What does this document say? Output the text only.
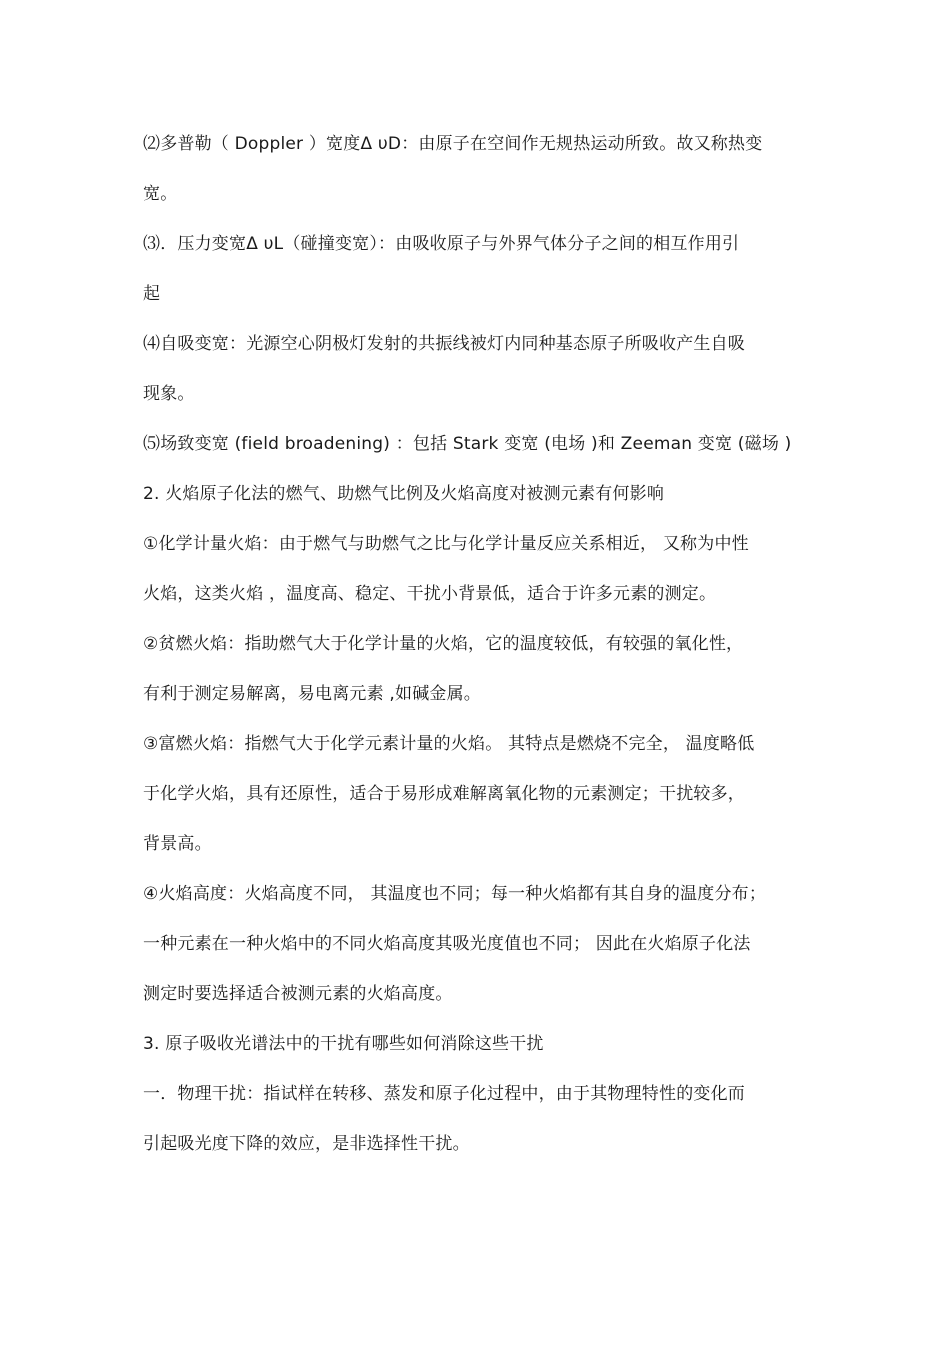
⑵多普勒（ Doppler ）宽度Δ υD：由原子在空间作无规热运动所致。故又称热变
宽。
⑶．压力变宽Δ υL（碰撞变宽）：由吸收原子与外界气体分子之间的相互作用引
起
⑷自吸变宽：光源空心阴极灯发射的共振线被灯内同种基态原子所吸收产生自吸
现象。
⑸场致变宽 (field broadening) ：包括 Stark 变宽 (电场 )和 Zeeman 变宽 (磁场 )
2. 火焰原子化法的燃气、助燃气比例及火焰高度对被测元素有何影响
①化学计量火焰：由于燃气与助燃气之比与化学计量反应关系相近， 又称为中性
火焰，这类火焰 ，温度高、稳定、干扰小背景低，适合于许多元素的测定。
②贫燃火焰：指助燃气大于化学计量的火焰，它的温度较低，有较强的氧化性，
有利于测定易解离，易电离元素 ,如碱金属。
③富燃火焰：指燃气大于化学元素计量的火焰。 其特点是燃烧不完全， 温度略低
于化学火焰，具有还原性，适合于易形成难解离氧化物的元素测定；干扰较多，
背景高。
④火焰高度：火焰高度不同， 其温度也不同；每一种火焰都有其自身的温度分布；
一种元素在一种火焰中的不同火焰高度其吸光度值也不同； 因此在火焰原子化法
测定时要选择适合被测元素的火焰高度。
3. 原子吸收光谱法中的干扰有哪些如何消除这些干扰
一．物理干扰：指试样在转移、蒸发和原子化过程中，由于其物理特性的变化而
引起吸光度下降的效应，是非选择性干扰。
